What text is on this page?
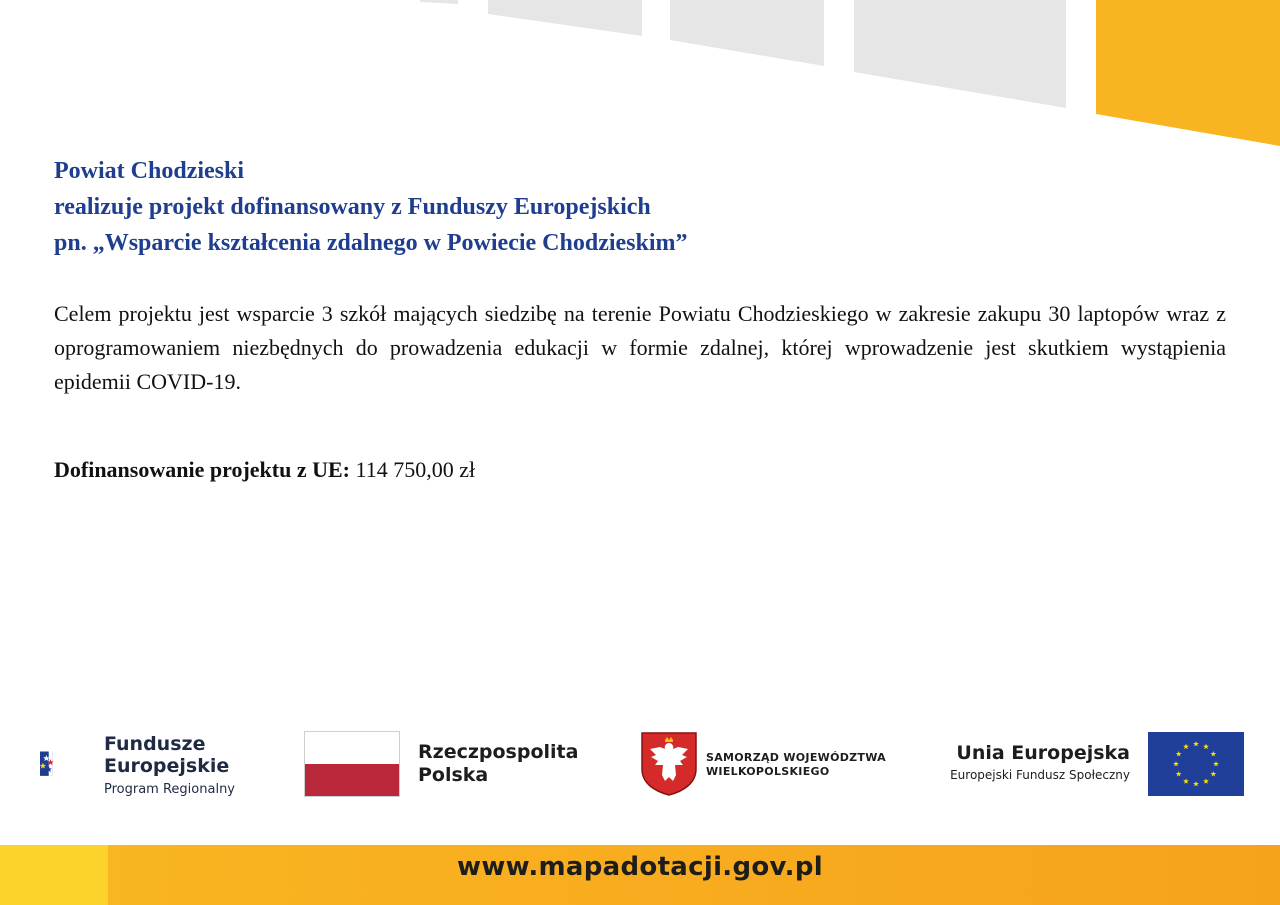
Powiat Chodzieski
realizuje projekt dofinansowany z Funduszy Europejskich
pn. „Wsparcie kształcenia zdalnego w Powiecie Chodzieskim”

Celem projektu jest wsparcie 3 szkół mających siedzibę na terenie Powiatu Chodzieskiego w zakresie zakupu 30 laptopów wraz z oprogramowaniem niezbędnych do prowadzenia edukacji w formie zdalnej, której wprowadzenie jest skutkiem wystąpienia epidemii COVID-19.

Dofinansowanie projektu z UE: 114 750,00 zł
Fundusze
Europejskie
Program Regionalny
Rzeczpospolita
Polska
SAMORZĄD WOJEWÓDZTWA
WIELKOPOLSKIEGO
Unia Europejska
Europejski Fundusz Społeczny
www.mapadotacji.gov.pl
